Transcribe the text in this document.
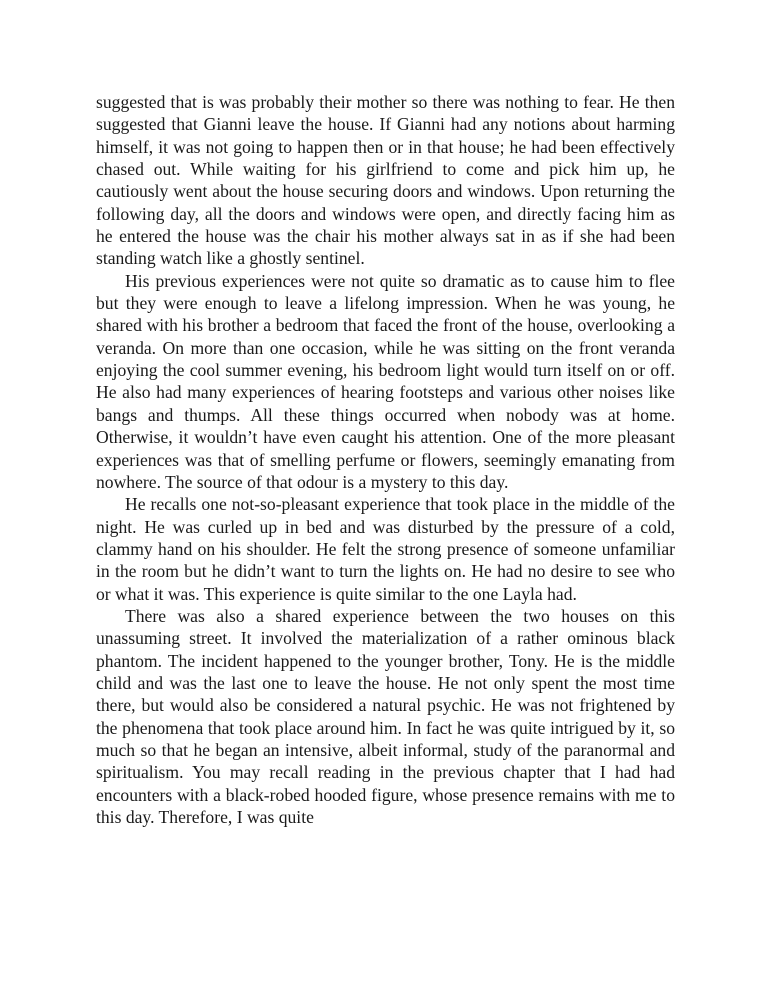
suggested that is was probably their mother so there was nothing to fear. He then suggested that Gianni leave the house. If Gianni had any notions about harming himself, it was not going to happen then or in that house; he had been effectively chased out. While waiting for his girlfriend to come and pick him up, he cautiously went about the house securing doors and windows. Upon returning the following day, all the doors and windows were open, and directly facing him as he entered the house was the chair his mother always sat in as if she had been standing watch like a ghostly sentinel.

His previous experiences were not quite so dramatic as to cause him to flee but they were enough to leave a lifelong impression. When he was young, he shared with his brother a bedroom that faced the front of the house, overlooking a veranda. On more than one occasion, while he was sitting on the front veranda enjoying the cool summer evening, his bedroom light would turn itself on or off. He also had many experiences of hearing footsteps and various other noises like bangs and thumps. All these things occurred when nobody was at home. Otherwise, it wouldn’t have even caught his attention. One of the more pleasant experiences was that of smelling perfume or flowers, seemingly emanating from nowhere. The source of that odour is a mystery to this day.

He recalls one not-so-pleasant experience that took place in the middle of the night. He was curled up in bed and was disturbed by the pressure of a cold, clammy hand on his shoulder. He felt the strong presence of someone unfamiliar in the room but he didn’t want to turn the lights on. He had no desire to see who or what it was. This experience is quite similar to the one Layla had.

There was also a shared experience between the two houses on this unassuming street. It involved the materialization of a rather ominous black phantom. The incident happened to the younger brother, Tony. He is the middle child and was the last one to leave the house. He not only spent the most time there, but would also be considered a natural psychic. He was not frightened by the phenomena that took place around him. In fact he was quite intrigued by it, so much so that he began an intensive, albeit informal, study of the paranormal and spiritualism. You may recall reading in the previous chapter that I had had encounters with a black-robed hooded figure, whose presence remains with me to this day. Therefore, I was quite
